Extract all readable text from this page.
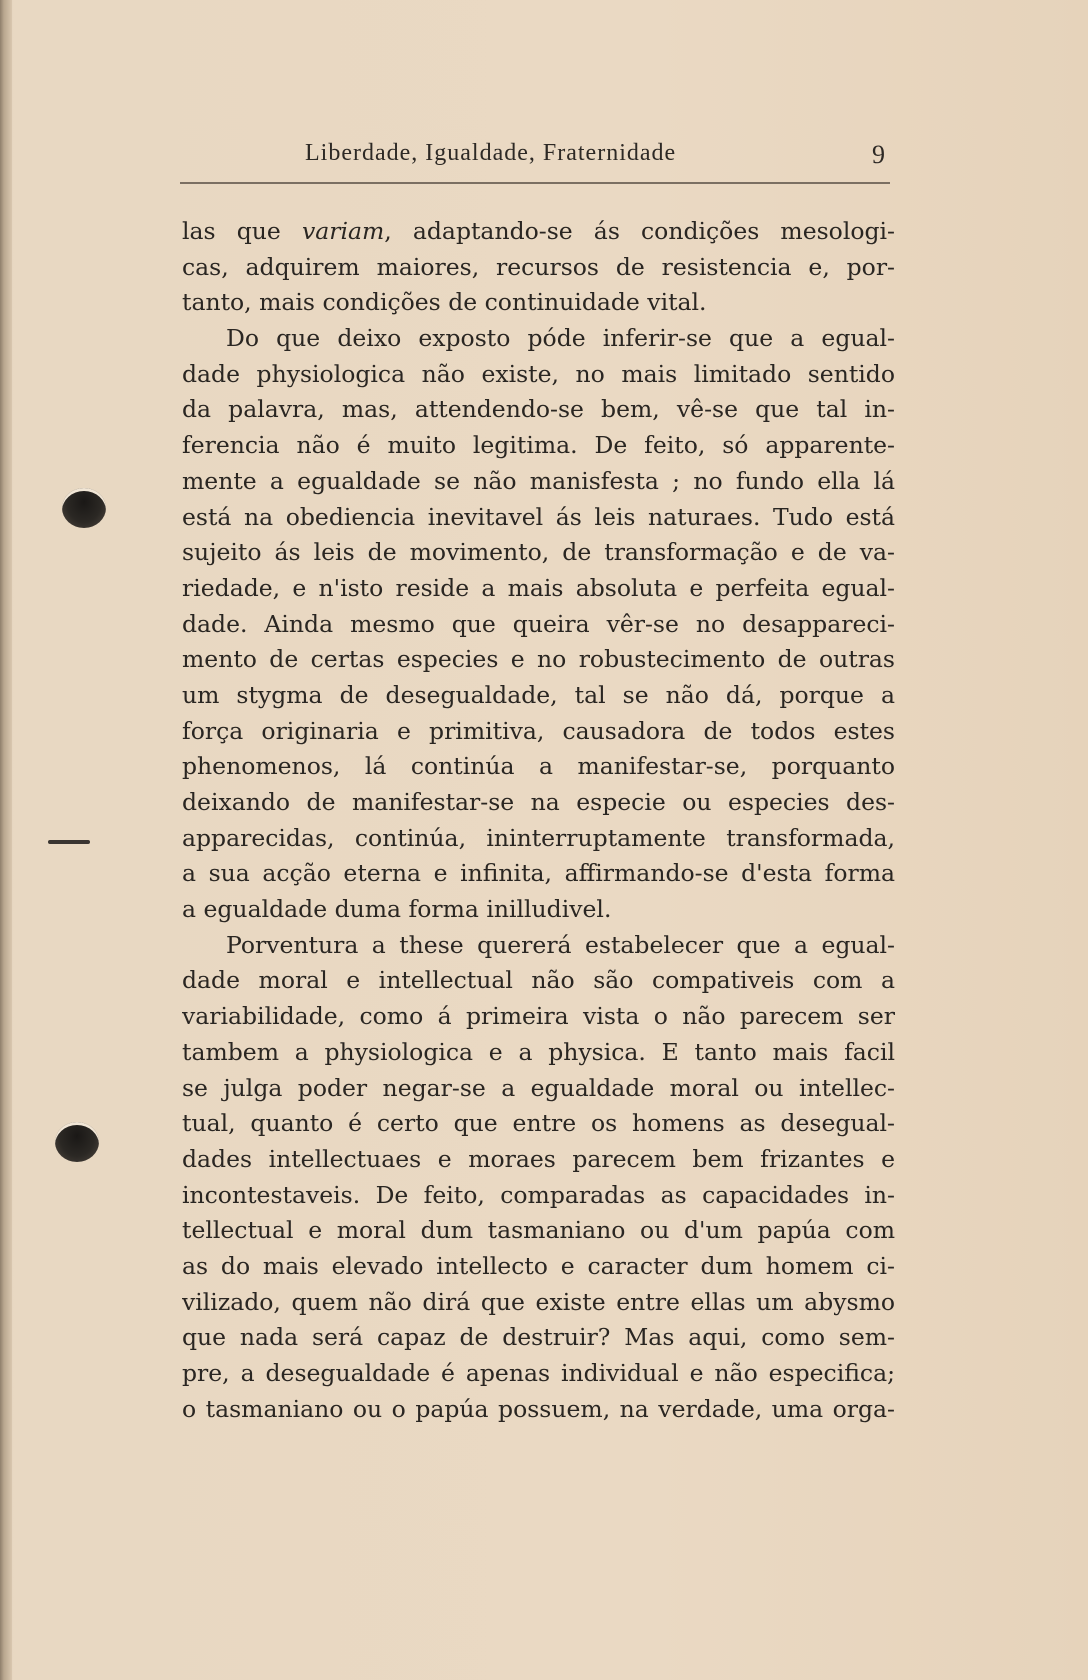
Liberdade, Igualdade, Fraternidade	9
las que variam, adaptando-se ás condições mesologi-
cas, adquirem maiores, recursos de resistencia e, por-
tanto, mais condições de continuidade vital.
Do que deixo exposto póde inferir-se que a egual-
dade physiologica não existe, no mais limitado sentido
da palavra, mas, attendendo-se bem, vê-se que tal in-
ferencia não é muito legitima. De feito, só apparente-
mente a egualdade se não manisfesta ; no fundo ella lá
está na obediencia inevitavel ás leis naturaes. Tudo está
sujeito ás leis de movimento, de transformação e de va-
riedade, e n'isto reside a mais absoluta e perfeita egual-
dade. Ainda mesmo que queira vêr-se no desappareci-
mento de certas especies e no robustecimento de outras
um stygma de desegualdade, tal se não dá, porque a
força originaria e primitiva, causadora de todos estes
phenomenos, lá continúa a manifestar-se, porquanto
deixando de manifestar-se na especie ou especies des-
apparecidas, continúa, ininterruptamente transformada,
a sua acção eterna e infinita, affirmando-se d'esta forma
a egualdade duma forma inilludivel.
Porventura a these quererá estabelecer que a egual-
dade moral e intellectual não são compativeis com a
variabilidade, como á primeira vista o não parecem ser
tambem a physiologica e a physica. E tanto mais facil
se julga poder negar-se a egualdade moral ou intellec-
tual, quanto é certo que entre os homens as desegual-
dades intellectuaes e moraes parecem bem frizantes e
incontestaveis. De feito, comparadas as capacidades in-
tellectual e moral dum tasmaniano ou d'um papúa com
as do mais elevado intellecto e caracter dum homem ci-
vilizado, quem não dirá que existe entre ellas um abysmo
que nada será capaz de destruir? Mas aqui, como sem-
pre, a desegualdade é apenas individual e não especifica;
o tasmaniano ou o papúa possuem, na verdade, uma orga-
